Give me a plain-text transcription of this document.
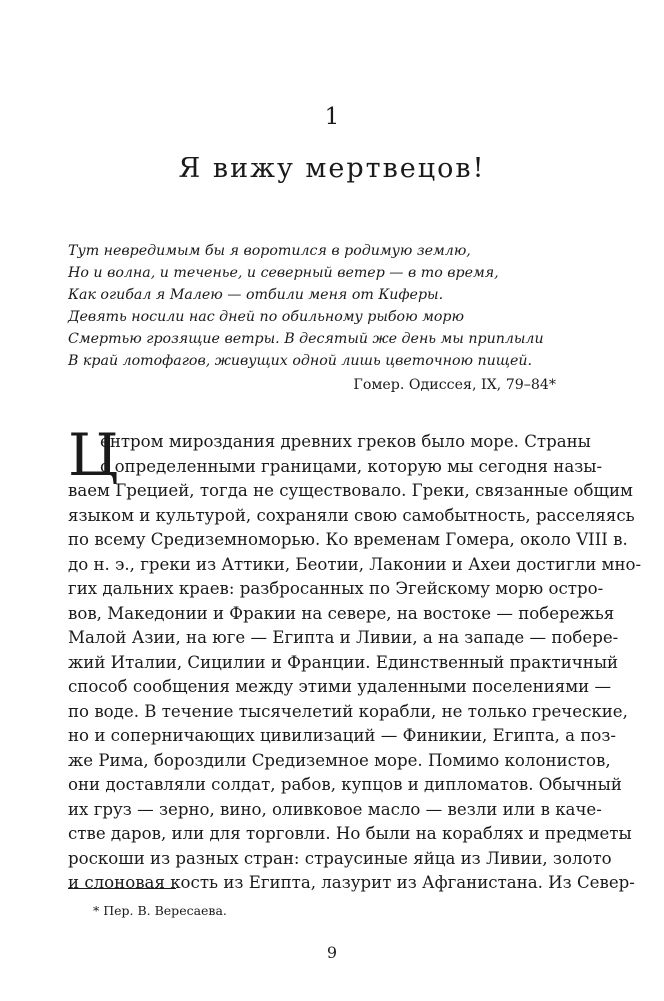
1
Я вижу мертвецов!
Тут невредимым бы я воротился в родимую землю,
Но и волна, и теченье, и северный ветер — в то время,
Как огибал я Малею — отбили меня от Киферы.
Девять носили нас дней по обильному рыбою морю
Смертью грозящие ветры. В десятый же день мы приплыли
В край лотофагов, живущих одной лишь цветочною пищей.
Гомер. Одиссея, IX, 79–84*
Ц
ентром мироздания древних греков было море. Страны
с определенными границами, которую мы сегодня назы-
ваем Грецией, тогда не существовало. Греки, связанные общим
языком и культурой, сохраняли свою самобытность, расселяясь
по всему Средиземноморью. Ко временам Гомера, около VIII в.
до н. э., греки из Аттики, Беотии, Лаконии и Ахеи достигли мно-
гих дальних краев: разбросанных по Эгейскому морю остро-
вов, Македонии и Фракии на севере, на востоке — побережья
Малой Азии, на юге — Египта и Ливии, а на западе — побере-
жий Италии, Сицилии и Франции. Единственный практичный
способ сообщения между этими удаленными поселениями —
по воде. В течение тысячелетий корабли, не только греческие,
но и соперничающих цивилизаций — Финикии, Египта, а поз-
же Рима, бороздили Средиземное море. Помимо колонистов,
они доставляли солдат, рабов, купцов и дипломатов. Обычный
их груз — зерно, вино, оливковое масло — везли или в каче-
стве даров, или для торговли. Но были на кораблях и предметы
роскоши из разных стран: страусиные яйца из Ливии, золото
и слоновая кость из Египта, лазурит из Афганистана. Из Север-
* Пер. В. Вересаева.
9
